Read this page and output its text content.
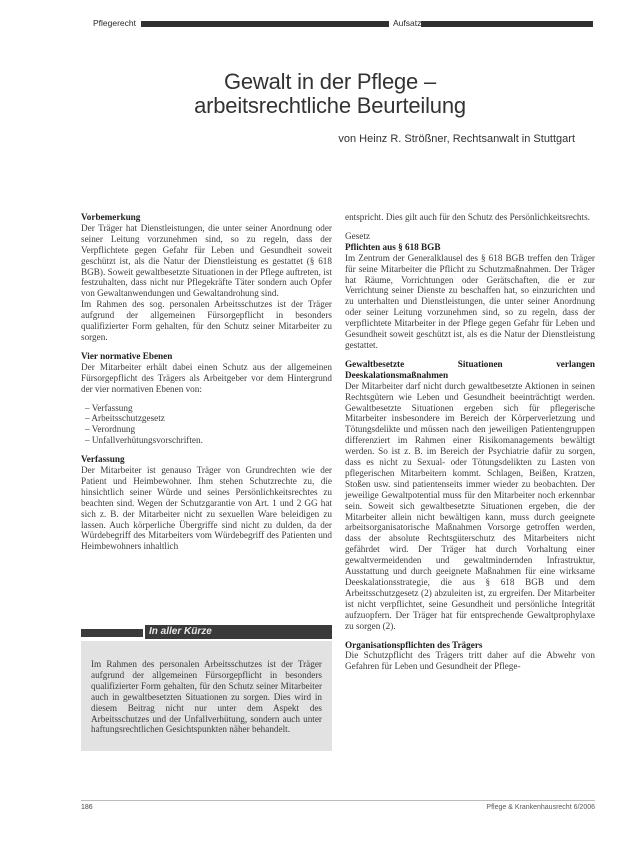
Pflegerecht	Aufsatz
Gewalt in der Pflege –
arbeitsrechtliche Beurteilung
von Heinz R. Strößner, Rechtsanwalt in Stuttgart

Vorbemerkung

Der Träger hat Dienstleistungen, die unter seiner Anordnung oder seiner Leitung vorzunehmen sind, so zu regeln, dass der Verpflichtete gegen Gefahr für Leben und Gesundheit soweit geschützt ist, als die Natur der Dienstleistung es gestattet (§ 618 BGB). Soweit gewaltbesetzte Situationen in der Pflege auftreten, ist festzuhalten, dass nicht nur Pflegekräfte Täter sondern auch Opfer von Gewaltanwendungen und Gewaltandrohung sind.

Im Rahmen des sog. personalen Arbeitsschutzes ist der Träger aufgrund der allgemeinen Fürsorgepflicht in besonders qualifizierter Form gehalten, für den Schutz seiner Mitarbeiter zu sorgen.

Vier normative Ebenen

Der Mitarbeiter erhält dabei einen Schutz aus der allgemeinen Fürsorgepflicht des Trägers als Arbeitgeber vor dem Hintergrund der vier normativen Ebenen von:

– Verfassung
– Arbeitsschutzgesetz
– Verordnung
– Unfallverhütungsvorschriften.

Verfassung

Der Mitarbeiter ist genauso Träger von Grundrechten wie der Patient und Heimbewohner. Ihm stehen Schutzrechte zu, die hinsichtlich seiner Würde und seines Persönlichkeitsrechtes zu beachten sind. Wegen der Schutzgarantie von Art. 1 und 2 GG hat sich z. B. der Mitarbeiter nicht zu sexuellen Ware beleidigen zu lassen. Auch körperliche Übergriffe sind nicht zu dulden, da der Würdebegriff des Mitarbeiters vom Würdebegriff des Patienten und Heimbewohners inhaltlich

In aller Kürze
Im Rahmen des personalen Arbeitsschutzes ist der Träger aufgrund der allgemeinen Fürsorgepflicht in besonders qualifizierter Form gehalten, für den Schutz seiner Mitarbeiter auch in gewaltbesetzten Situationen zu sorgen. Dies wird in diesem Beitrag nicht nur unter dem Aspekt des Arbeitsschutzes und der Unfallverhütung, sondern auch unter haftungsrechtlichen Gesichtspunkten näher behandelt.

entspricht. Dies gilt auch für den Schutz des Persönlichkeitsrechts.

Gesetz

Pflichten aus § 618 BGB

Im Zentrum der Generalklausel des § 618 BGB treffen den Träger für seine Mitarbeiter die Pflicht zu Schutzmaßnahmen. Der Träger hat Räume, Vorrichtungen oder Gerätschaften, die er zur Verrichtung seiner Dienste zu beschaffen hat, so einzurichten und zu unterhalten und Dienstleistungen, die unter seiner Anordnung oder seiner Leitung vorzunehmen sind, so zu regeln, dass der verpflichtete Mitarbeiter in der Pflege gegen Gefahr für Leben und Gesundheit soweit geschützt ist, als es die Natur der Dienstleistung gestattet.

Gewaltbesetzte Situationen verlangen Deeskalationsmaßnahmen

Der Mitarbeiter darf nicht durch gewaltbesetzte Aktionen in seinen Rechtsgütern wie Leben und Gesundheit beeinträchtigt werden. Gewaltbesetzte Situationen ergeben sich für pflegerische Mitarbeiter insbesondere im Bereich der Körperverletzung und Tötungsdelikte und müssen nach den jeweiligen Patientengruppen differenziert im Rahmen einer Risikomanagements bewältigt werden. So ist z. B. im Bereich der Psychiatrie dafür zu sorgen, dass es nicht zu Sexual- oder Tötungsdelikten zu Lasten von pflegerischen Mitarbeitern kommt. Schlagen, Beißen, Kratzen, Stoßen usw. sind patientenseits immer wieder zu beobachten. Der jeweilige Gewaltpotential muss für den Mitarbeiter noch erkennbar sein. Soweit sich gewaltbesetzte Situationen ergeben, die der Mitarbeiter allein nicht bewältigen kann, muss durch geeignete arbeitsorganisatorische Maßnahmen Vorsorge getroffen werden, dass der absolute Rechtsgüterschutz des Mitarbeiters nicht gefährdet wird. Der Träger hat durch Vorhaltung einer gewaltvermeidenden und gewaltmindernden Infrastruktur, Ausstattung und durch geeignete Maßnahmen für eine wirksame Deeskalationsstrategie, die aus § 618 BGB und dem Arbeitsschutzgesetz (2) abzuleiten ist, zu ergreifen. Der Mitarbeiter ist nicht verpflichtet, seine Gesundheit und persönliche Integrität aufzuopfern. Der Träger hat für entsprechende Gewaltprophylaxe zu sorgen (2).

Organisationspflichten des Trägers

Die Schutzpflicht des Trägers tritt daher auf die Abwehr von Gefahren für Leben und Gesundheit der Pflege-

186	Pflege & Krankenhausrecht 6/2006
